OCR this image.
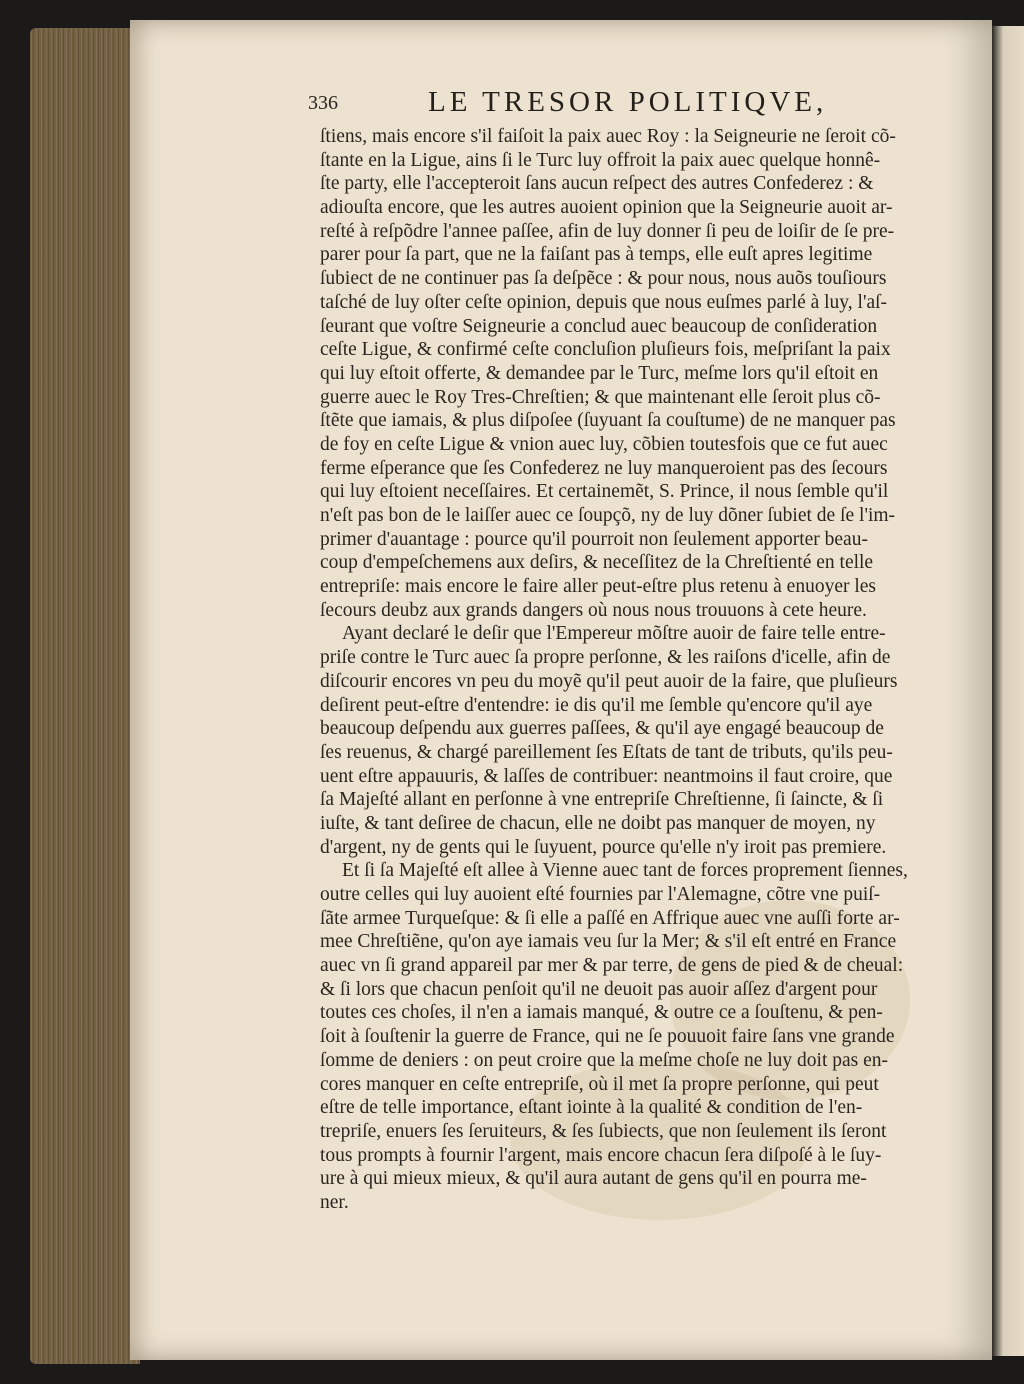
336	LE TRESOR POLITIQVE,
ſtiens, mais encore s'il faiſoit la paix auec Roy : la Seigneurie ne ſeroit cõ-
ſtante en la Ligue, ains ſi le Turc luy offroit la paix auec quelque honnê-
ſte party, elle l'accepteroit ſans aucun reſpect des autres Confederez : &
adiouſta encore, que les autres auoient opinion que la Seigneurie auoit ar-
reſté à reſpõdre l'annee paſſee, afin de luy donner ſi peu de loiſir de ſe pre-
parer pour ſa part, que ne la faiſant pas à temps, elle euſt apres legitime
ſubiect de ne continuer pas ſa deſpẽce : & pour nous, nous auõs touſiours
taſché de luy oſter ceſte opinion, depuis que nous euſmes parlé à luy, l'aſ-
ſeurant que voſtre Seigneurie a conclud auec beaucoup de conſideration
ceſte Ligue, & confirmé ceſte concluſion pluſieurs fois, meſpriſant la paix
qui luy eſtoit offerte, & demandee par le Turc, meſme lors qu'il eſtoit en
guerre auec le Roy Tres-Chreſtien; & que maintenant elle ſeroit plus cõ-
ſtẽte que iamais, & plus diſpoſee (ſuyuant ſa couſtume) de ne manquer pas
de foy en ceſte Ligue & vnion auec luy, cõbien toutesfois que ce fut auec
ferme eſperance que ſes Confederez ne luy manqueroient pas des ſecours
qui luy eſtoient neceſſaires. Et certainemẽt, S. Prince, il nous ſemble qu'il
n'eſt pas bon de le laiſſer auec ce ſoupçõ, ny de luy dõner ſubiet de ſe l'im-
primer d'auantage : pource qu'il pourroit non ſeulement apporter beau-
coup d'empeſchemens aux deſirs, & neceſſitez de la Chreſtienté en telle
entrepriſe: mais encore le faire aller peut-eſtre plus retenu à enuoyer les
ſecours deubz aux grands dangers où nous nous trouuons à cete heure.
Ayant declaré le deſir que l'Empereur mõſtre auoir de faire telle entre-
priſe contre le Turc auec ſa propre perſonne, & les raiſons d'icelle, afin de
diſcourir encores vn peu du moyẽ qu'il peut auoir de la faire, que pluſieurs
deſirent peut-eſtre d'entendre: ie dis qu'il me ſemble qu'encore qu'il aye
beaucoup deſpendu aux guerres paſſees, & qu'il aye engagé beaucoup de
ſes reuenus, & chargé pareillement ſes Eſtats de tant de tributs, qu'ils peu-
uent eſtre appauuris, & laſſes de contribuer: neantmoins il faut croire, que
ſa Majeſté allant en perſonne à vne entrepriſe Chreſtienne, ſi ſaincte, & ſi
iuſte, & tant deſiree de chacun, elle ne doibt pas manquer de moyen, ny
d'argent, ny de gents qui le ſuyuent, pource qu'elle n'y iroit pas premiere.
Et ſi ſa Majeſté eſt allee à Vienne auec tant de forces proprement ſiennes,
outre celles qui luy auoient eſté fournies par l'Alemagne, cõtre vne puiſ-
ſãte armee Turqueſque: & ſi elle a paſſé en Affrique auec vne auſſi forte ar-
mee Chreſtiẽne, qu'on aye iamais veu ſur la Mer; & s'il eſt entré en France
auec vn ſi grand appareil par mer & par terre, de gens de pied & de cheual:
& ſi lors que chacun penſoit qu'il ne deuoit pas auoir aſſez d'argent pour
toutes ces choſes, il n'en a iamais manqué, & outre ce a ſouſtenu, & pen-
ſoit à ſouſtenir la guerre de France, qui ne ſe pouuoit faire ſans vne grande
ſomme de deniers : on peut croire que la meſme choſe ne luy doit pas en-
cores manquer en ceſte entrepriſe, où il met ſa propre perſonne, qui peut
eſtre de telle importance, eſtant iointe à la qualité & condition de l'en-
trepriſe, enuers ſes ſeruiteurs, & ſes ſubiects, que non ſeulement ils ſeront
tous prompts à fournir l'argent, mais encore chacun ſera diſpoſé à le ſuy-
ure à qui mieux mieux, & qu'il aura autant de gens qu'il en pourra me-
ner.
